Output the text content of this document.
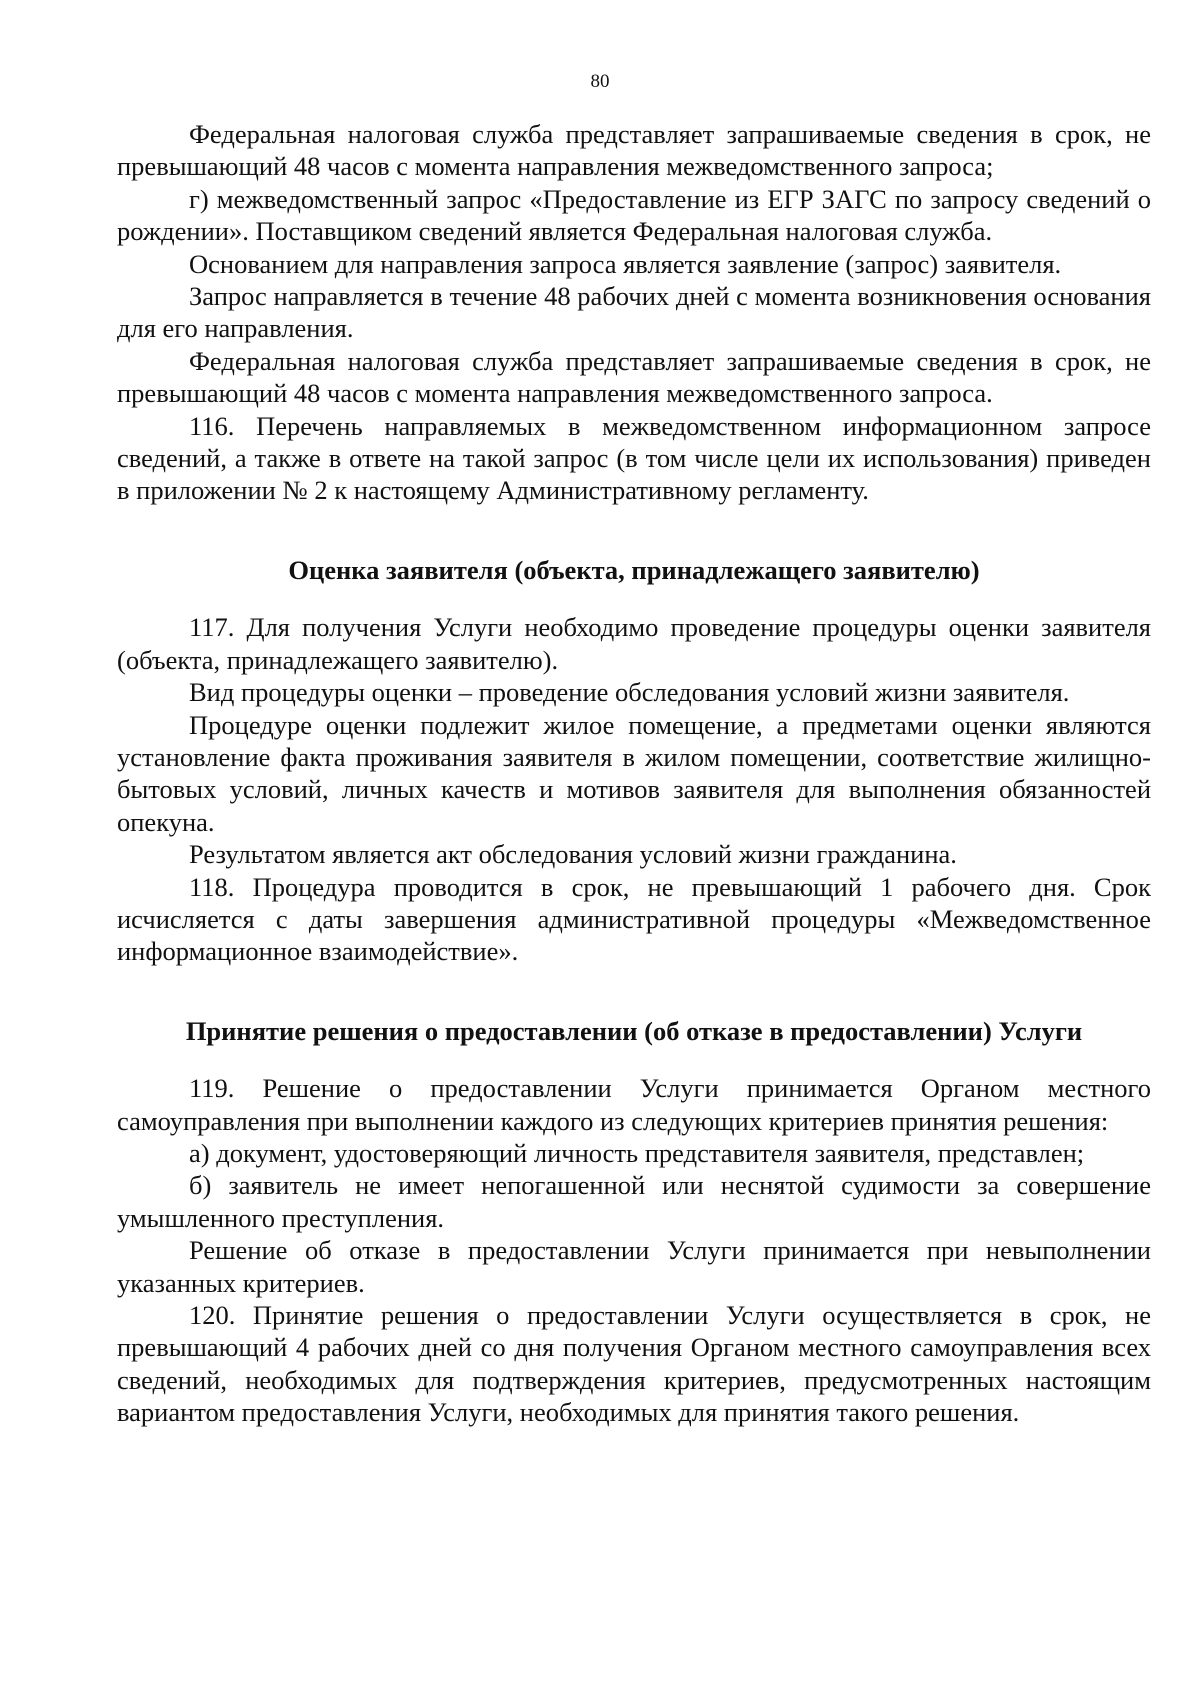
80

Федеральная налоговая служба представляет запрашиваемые сведения в срок, не превышающий 48 часов с момента направления межведомственного запроса;

г) межведомственный запрос «Предоставление из ЕГР ЗАГС по запросу сведений о рождении». Поставщиком сведений является Федеральная налоговая служба.

Основанием для направления запроса является заявление (запрос) заявителя.

Запрос направляется в течение 48 рабочих дней с момента возникновения основания для его направления.

Федеральная налоговая служба представляет запрашиваемые сведения в срок, не превышающий 48 часов с момента направления межведомственного запроса.

116. Перечень направляемых в межведомственном информационном запросе сведений, а также в ответе на такой запрос (в том числе цели их использования) приведен в приложении № 2 к настоящему Административному регламенту.

Оценка заявителя (объекта, принадлежащего заявителю)

117. Для получения Услуги необходимо проведение процедуры оценки заявителя (объекта, принадлежащего заявителю).

Вид процедуры оценки – проведение обследования условий жизни заявителя.

Процедуре оценки подлежит жилое помещение, а предметами оценки являются установление факта проживания заявителя в жилом помещении, соответствие жилищно-бытовых условий, личных качеств и мотивов заявителя для выполнения обязанностей опекуна.

Результатом является акт обследования условий жизни гражданина.

118. Процедура проводится в срок, не превышающий 1 рабочего дня. Срок исчисляется с даты завершения административной процедуры «Межведомственное информационное взаимодействие».

Принятие решения о предоставлении (об отказе в предоставлении) Услуги

119. Решение о предоставлении Услуги принимается Органом местного самоуправления при выполнении каждого из следующих критериев принятия решения:

а) документ, удостоверяющий личность представителя заявителя, представлен;

б) заявитель не имеет непогашенной или неснятой судимости за совершение умышленного преступления.

Решение об отказе в предоставлении Услуги принимается при невыполнении указанных критериев.

120. Принятие решения о предоставлении Услуги осуществляется в срок, не превышающий 4 рабочих дней со дня получения Органом местного самоуправления всех сведений, необходимых для подтверждения критериев, предусмотренных настоящим вариантом предоставления Услуги, необходимых для принятия такого решения.
